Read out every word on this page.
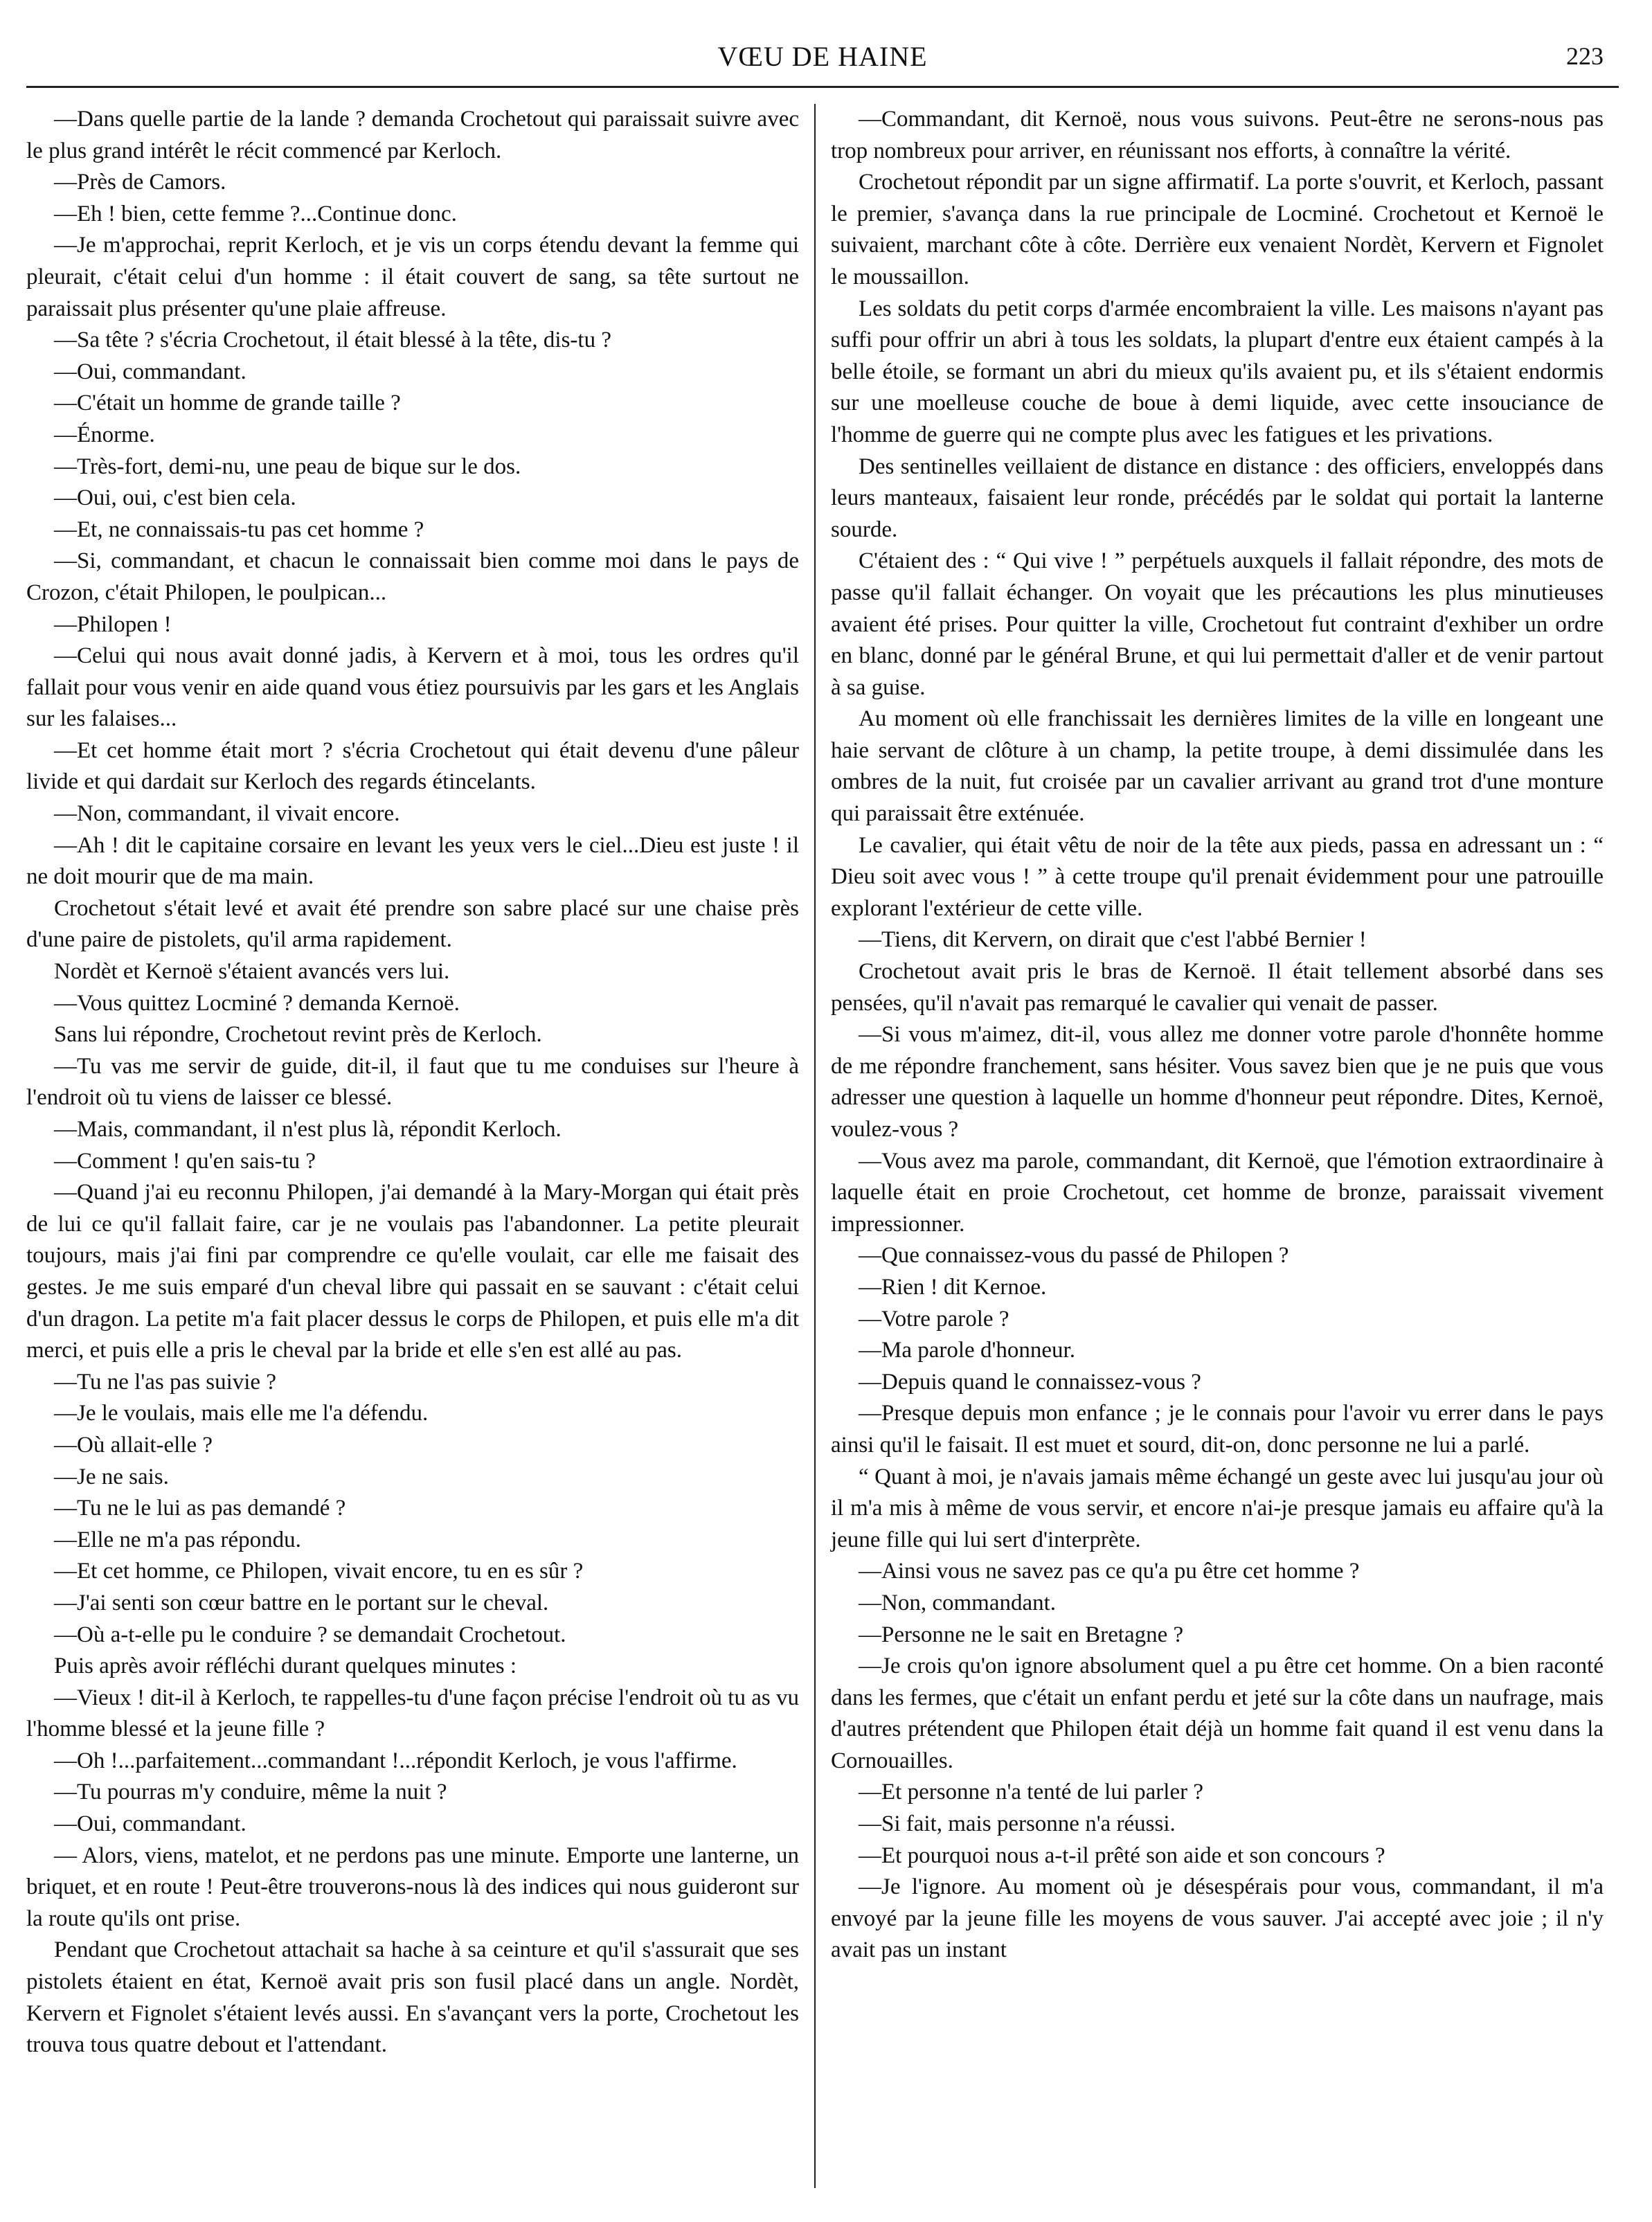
VŒU DE HAINE	223

—Dans quelle partie de la lande ? demanda Crochetout qui paraissait suivre avec le plus grand intérêt le récit commencé par Kerloch.

—Près de Camors.

—Eh ! bien, cette femme ?...Continue donc.

—Je m'approchai, reprit Kerloch, et je vis un corps étendu devant la femme qui pleurait, c'était celui d'un homme : il était couvert de sang, sa tête surtout ne paraissait plus présenter qu'une plaie affreuse.

—Sa tête ? s'écria Crochetout, il était blessé à la tête, dis-tu ?

—Oui, commandant.

—C'était un homme de grande taille ?

—Énorme.

—Très-fort, demi-nu, une peau de bique sur le dos.

—Oui, oui, c'est bien cela.

—Et, ne connaissais-tu pas cet homme ?

—Si, commandant, et chacun le connaissait bien comme moi dans le pays de Crozon, c'était Philopen, le poulpican...

—Philopen !

—Celui qui nous avait donné jadis, à Kervern et à moi, tous les ordres qu'il fallait pour vous venir en aide quand vous étiez poursuivis par les gars et les Anglais sur les falaises...

—Et cet homme était mort ? s'écria Crochetout qui était devenu d'une pâleur livide et qui dardait sur Kerloch des regards étincelants.

—Non, commandant, il vivait encore.

—Ah ! dit le capitaine corsaire en levant les yeux vers le ciel...Dieu est juste ! il ne doit mourir que de ma main.

Crochetout s'était levé et avait été prendre son sabre placé sur une chaise près d'une paire de pistolets, qu'il arma rapidement.

Nordèt et Kernoë s'étaient avancés vers lui.

—Vous quittez Locminé ? demanda Kernoë.

Sans lui répondre, Crochetout revint près de Kerloch.

—Tu vas me servir de guide, dit-il, il faut que tu me conduises sur l'heure à l'endroit où tu viens de laisser ce blessé.

—Mais, commandant, il n'est plus là, répondit Kerloch.

—Comment ! qu'en sais-tu ?

—Quand j'ai eu reconnu Philopen, j'ai demandé à la Mary-Morgan qui était près de lui ce qu'il fallait faire, car je ne voulais pas l'abandonner. La petite pleurait toujours, mais j'ai fini par comprendre ce qu'elle voulait, car elle me faisait des gestes. Je me suis emparé d'un cheval libre qui passait en se sauvant : c'était celui d'un dragon. La petite m'a fait placer dessus le corps de Philopen, et puis elle m'a dit merci, et puis elle a pris le cheval par la bride et elle s'en est allé au pas.

—Tu ne l'as pas suivie ?

—Je le voulais, mais elle me l'a défendu.

—Où allait-elle ?

—Je ne sais.

—Tu ne le lui as pas demandé ?

—Elle ne m'a pas répondu.

—Et cet homme, ce Philopen, vivait encore, tu en es sûr ?

—J'ai senti son cœur battre en le portant sur le cheval.

—Où a-t-elle pu le conduire ? se demandait Crochetout.

Puis après avoir réfléchi durant quelques minutes :

—Vieux ! dit-il à Kerloch, te rappelles-tu d'une façon précise l'endroit où tu as vu l'homme blessé et la jeune fille ?

—Oh !...parfaitement...commandant !...répondit Kerloch, je vous l'affirme.

—Tu pourras m'y conduire, même la nuit ?

—Oui, commandant.

— Alors, viens, matelot, et ne perdons pas une minute. Emporte une lanterne, un briquet, et en route ! Peut-être trouverons-nous là des indices qui nous guideront sur la route qu'ils ont prise.

Pendant que Crochetout attachait sa hache à sa ceinture et qu'il s'assurait que ses pistolets étaient en état, Kernoë avait pris son fusil placé dans un angle. Nordèt, Kervern et Fignolet s'étaient levés aussi. En s'avançant vers la porte, Crochetout les trouva tous quatre debout et l'attendant.

—Commandant, dit Kernoë, nous vous suivons. Peut-être ne serons-nous pas trop nombreux pour arriver, en réunissant nos efforts, à connaître la vérité.

Crochetout répondit par un signe affirmatif. La porte s'ouvrit, et Kerloch, passant le premier, s'avança dans la rue principale de Locminé. Crochetout et Kernoë le suivaient, marchant côte à côte. Derrière eux venaient Nordèt, Kervern et Fignolet le moussaillon.

Les soldats du petit corps d'armée encombraient la ville. Les maisons n'ayant pas suffi pour offrir un abri à tous les soldats, la plupart d'entre eux étaient campés à la belle étoile, se formant un abri du mieux qu'ils avaient pu, et ils s'étaient endormis sur une moelleuse couche de boue à demi liquide, avec cette insouciance de l'homme de guerre qui ne compte plus avec les fatigues et les privations.

Des sentinelles veillaient de distance en distance : des officiers, enveloppés dans leurs manteaux, faisaient leur ronde, précédés par le soldat qui portait la lanterne sourde.

C'étaient des : “ Qui vive ! ” perpétuels auxquels il fallait répondre, des mots de passe qu'il fallait échanger. On voyait que les précautions les plus minutieuses avaient été prises. Pour quitter la ville, Crochetout fut contraint d'exhiber un ordre en blanc, donné par le général Brune, et qui lui permettait d'aller et de venir partout à sa guise.

Au moment où elle franchissait les dernières limites de la ville en longeant une haie servant de clôture à un champ, la petite troupe, à demi dissimulée dans les ombres de la nuit, fut croisée par un cavalier arrivant au grand trot d'une monture qui paraissait être exténuée.

Le cavalier, qui était vêtu de noir de la tête aux pieds, passa en adressant un : “ Dieu soit avec vous ! ” à cette troupe qu'il prenait évidemment pour une patrouille explorant l'extérieur de cette ville.

—Tiens, dit Kervern, on dirait que c'est l'abbé Bernier !

Crochetout avait pris le bras de Kernoë. Il était tellement absorbé dans ses pensées, qu'il n'avait pas remarqué le cavalier qui venait de passer.

—Si vous m'aimez, dit-il, vous allez me donner votre parole d'honnête homme de me répondre franchement, sans hésiter. Vous savez bien que je ne puis que vous adresser une question à laquelle un homme d'honneur peut répondre. Dites, Kernoë, voulez-vous ?

—Vous avez ma parole, commandant, dit Kernoë, que l'émotion extraordinaire à laquelle était en proie Crochetout, cet homme de bronze, paraissait vivement impressionner.

—Que connaissez-vous du passé de Philopen ?

—Rien ! dit Kernoe.

—Votre parole ?

—Ma parole d'honneur.

—Depuis quand le connaissez-vous ?

—Presque depuis mon enfance ; je le connais pour l'avoir vu errer dans le pays ainsi qu'il le faisait. Il est muet et sourd, dit-on, donc personne ne lui a parlé.

“ Quant à moi, je n'avais jamais même échangé un geste avec lui jusqu'au jour où il m'a mis à même de vous servir, et encore n'ai-je presque jamais eu affaire qu'à la jeune fille qui lui sert d'interprète.

—Ainsi vous ne savez pas ce qu'a pu être cet homme ?

—Non, commandant.

—Personne ne le sait en Bretagne ?

—Je crois qu'on ignore absolument quel a pu être cet homme. On a bien raconté dans les fermes, que c'était un enfant perdu et jeté sur la côte dans un naufrage, mais d'autres prétendent que Philopen était déjà un homme fait quand il est venu dans la Cornouailles.

—Et personne n'a tenté de lui parler ?

—Si fait, mais personne n'a réussi.

—Et pourquoi nous a-t-il prêté son aide et son concours ?

—Je l'ignore. Au moment où je désespérais pour vous, commandant, il m'a envoyé par la jeune fille les moyens de vous sauver. J'ai accepté avec joie ; il n'y avait pas un instant
